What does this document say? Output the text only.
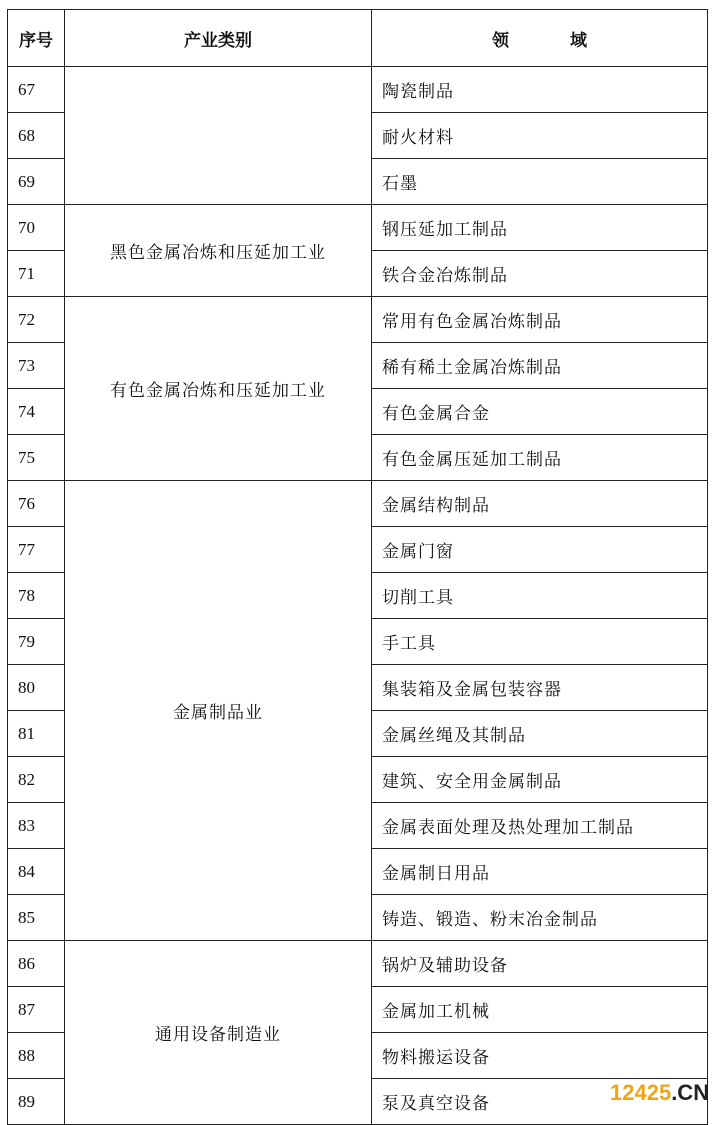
序号	产业类别	领　域
67		陶瓷制品
68		耐火材料
69		石墨
70	黑色金属冶炼和压延加工业	钢压延加工制品
71		铁合金冶炼制品
72	有色金属冶炼和压延加工业	常用有色金属冶炼制品
73		稀有稀土金属冶炼制品
74		有色金属合金
75		有色金属压延加工制品
76	金属制品业	金属结构制品
77		金属门窗
78		切削工具
79		手工具
80		集装箱及金属包装容器
81		金属丝绳及其制品
82		建筑、安全用金属制品
83		金属表面处理及热处理加工制品
84		金属制日用品
85		铸造、锻造、粉末冶金制品
86	通用设备制造业	锅炉及辅助设备
87		金属加工机械
88		物料搬运设备
89		泵及真空设备	12425.CN
